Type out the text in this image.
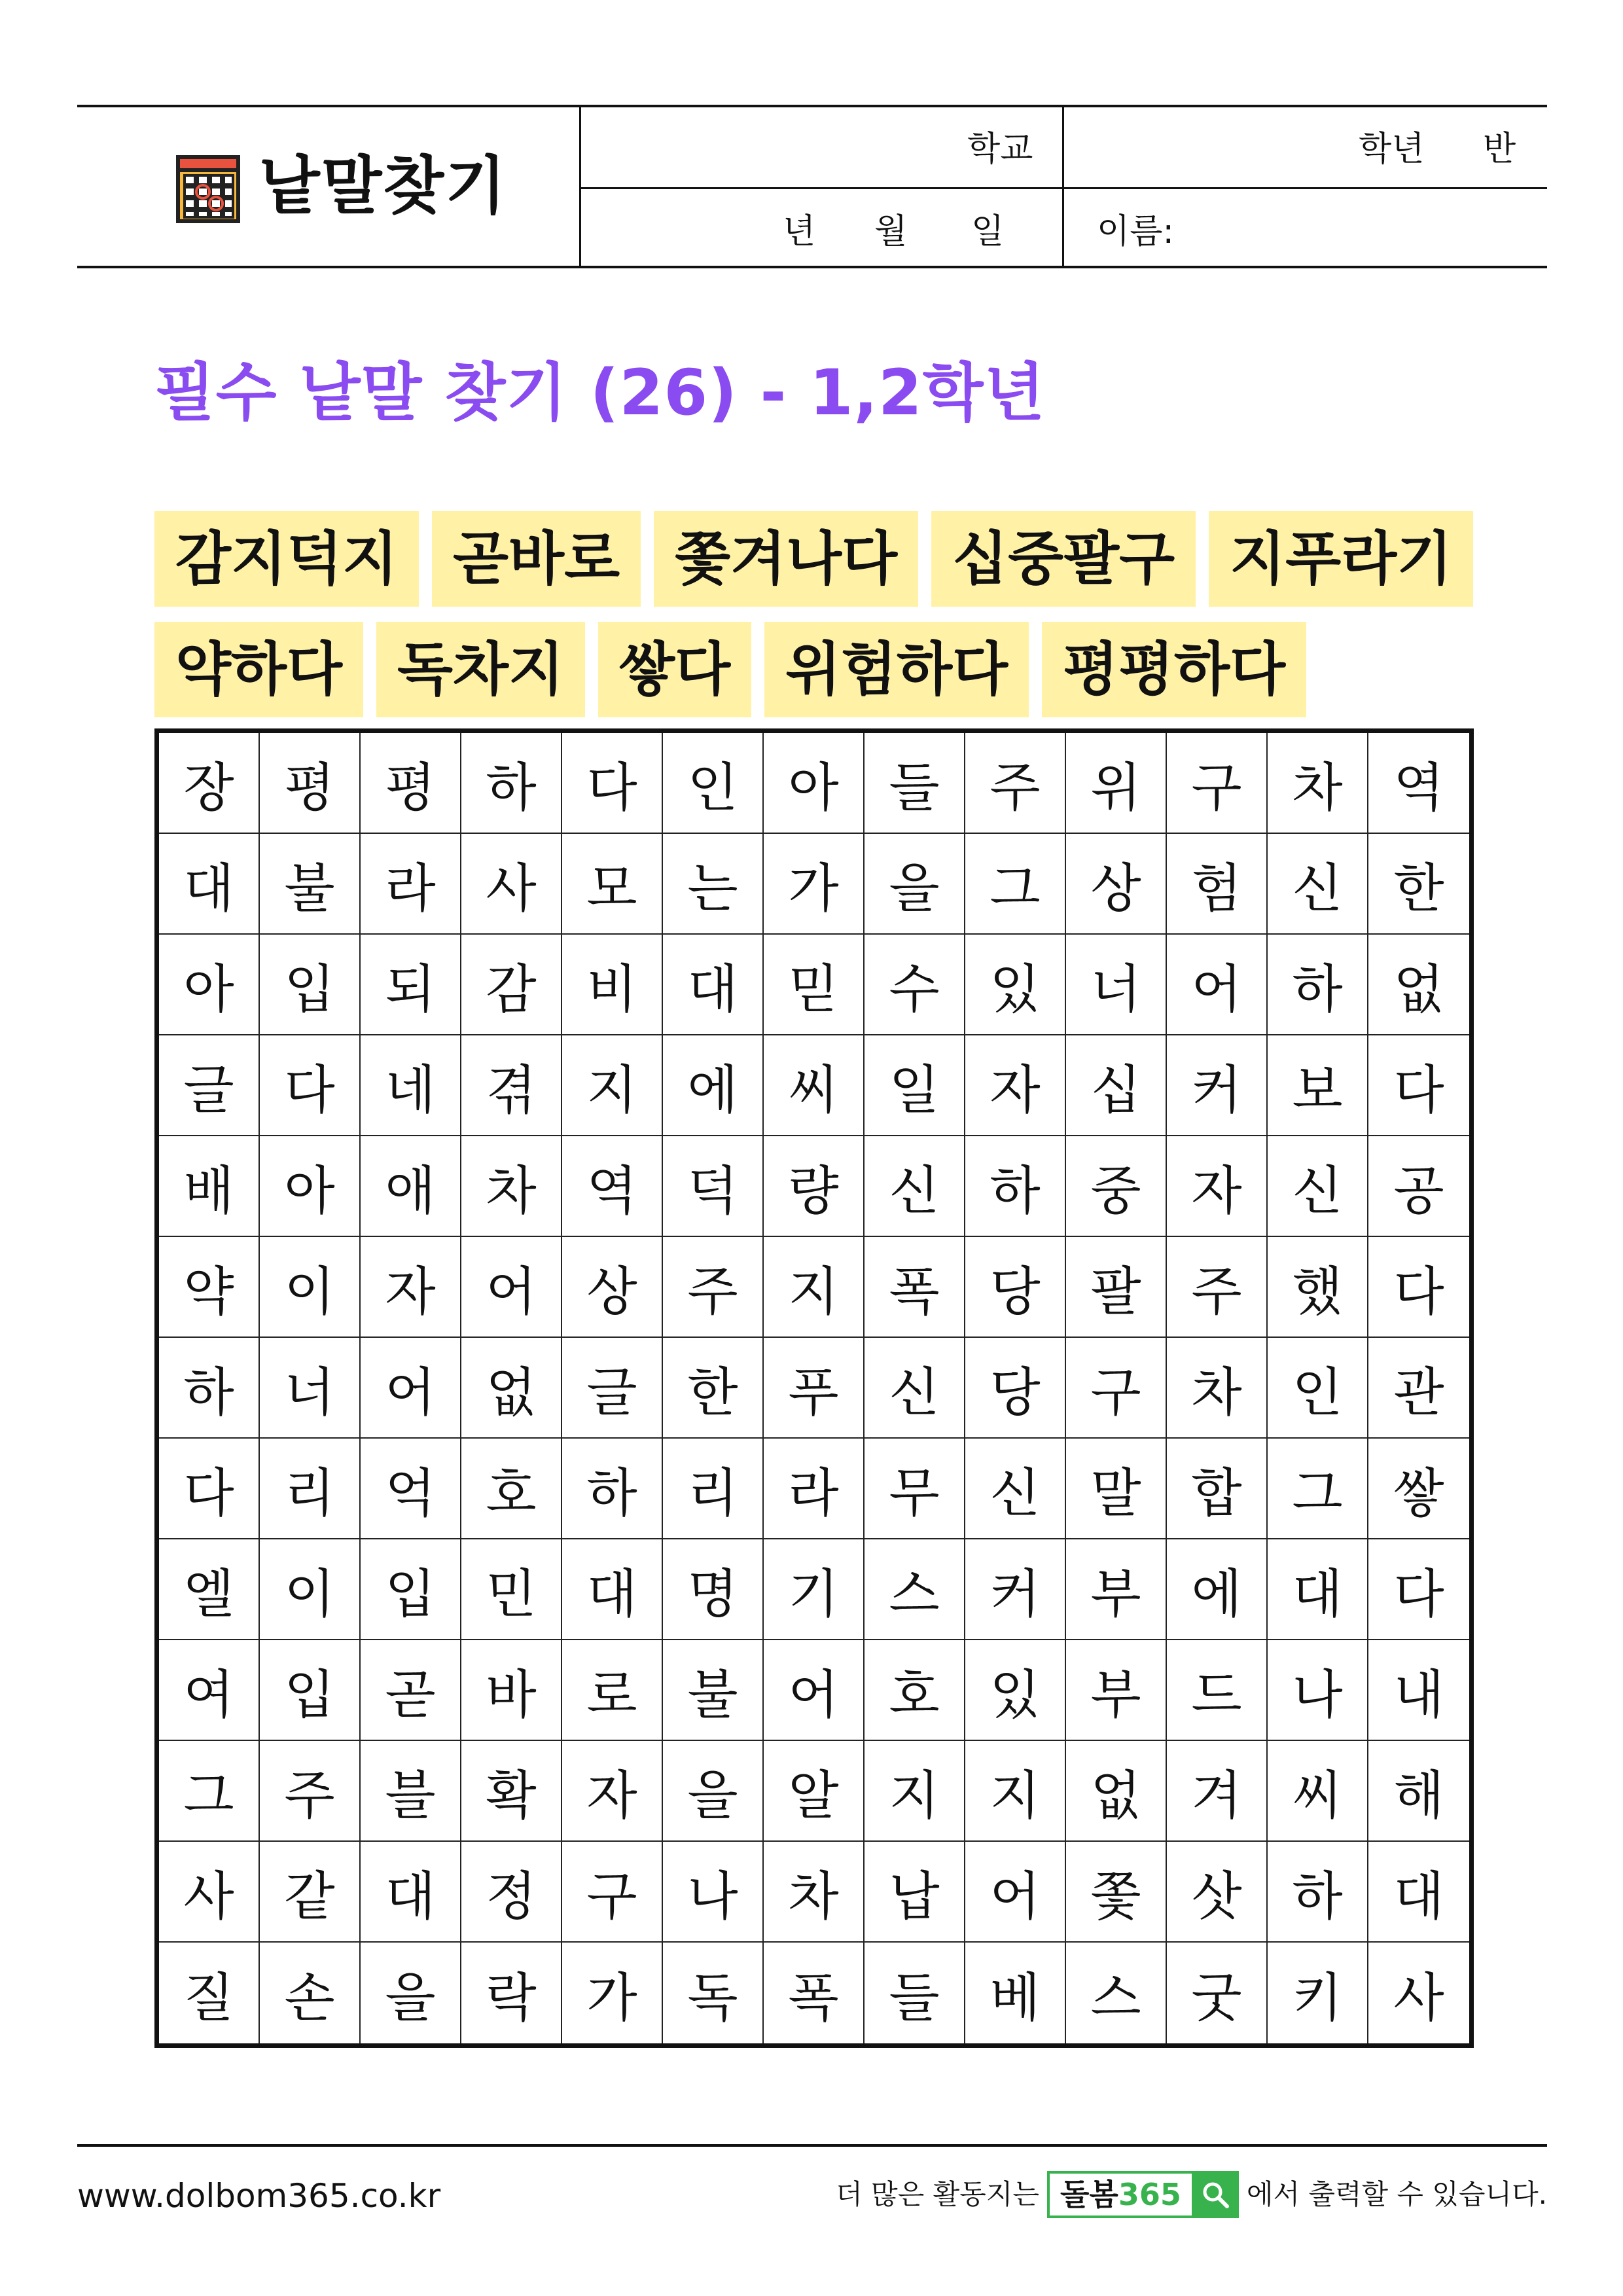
낱말찾기	학교
년 월 일
학년 반
이름:
필수 낱말 찾기 (26) - 1,2학년
감지덕지 곧바로 쫓겨나다 십중팔구 지푸라기
약하다 독차지 쌓다 위험하다 평평하다
장 평 평 하 다 인 아 들 주 위 구 차 역
대 불 라 사 모 는 가 을 그 상 험 신 한
아 입 되 감 비 대 믿 수 있 너 어 하 없
글 다 네 겪 지 에 씨 일 자 십 커 보 다
배 아 애 차 역 덕 량 신 하 중 자 신 공
약 이 자 어 상 주 지 폭 당 팔 주 했 다
하 너 어 없 글 한 푸 신 당 구 차 인 관
다 리 억 호 하 리 라 무 신 말 합 그 쌓
엘 이 입 민 대 명 기 스 커 부 에 대 다
여 입 곧 바 로 불 어 호 있 부 드 나 내
그 주 블 확 자 을 알 지 지 없 겨 씨 해
사 같 대 정 구 나 차 납 어 쫓 삿 하 대
질 손 을 락 가 독 폭 들 베 스 굿 키 사
www.dolbom365.co.kr	더 많은 활동지는 돌봄365	에서 출력할 수 있습니다.
